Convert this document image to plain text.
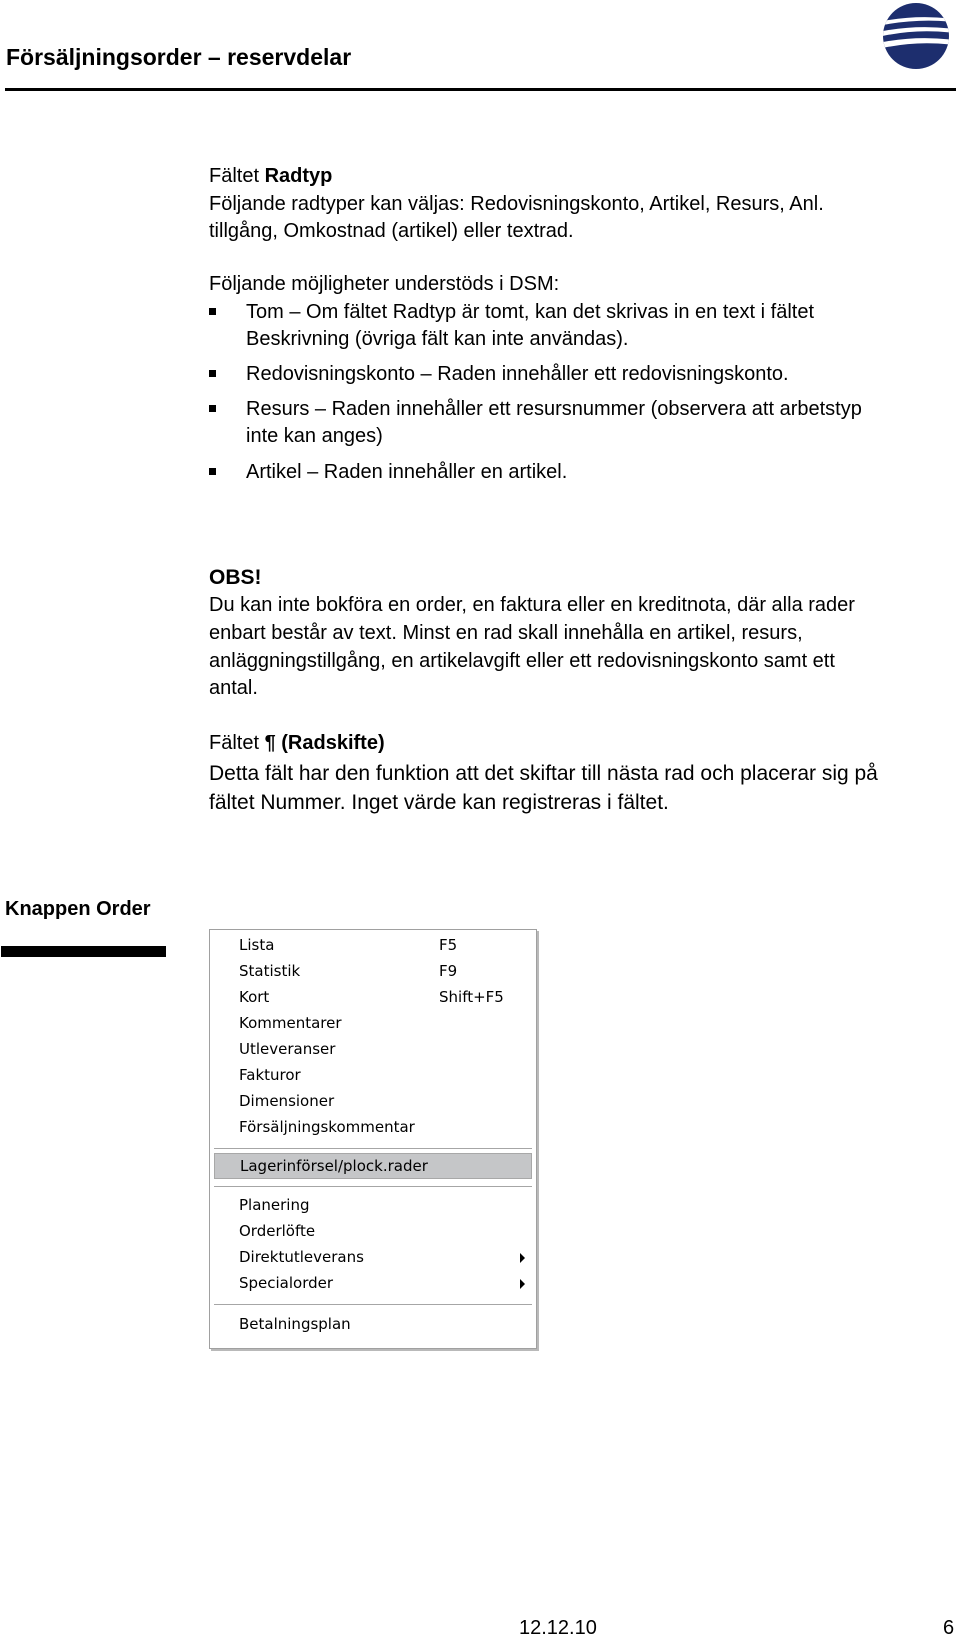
Försäljningsorder – reservdelar
Fältet Radtyp
Följande radtyper kan väljas: Redovisningskonto, Artikel, Resurs, Anl.
tillgång, Omkostnad (artikel) eller textrad.
Följande möjligheter understöds i DSM:
Tom – Om fältet Radtyp är tomt, kan det skrivas in en text i fältet
Beskrivning (övriga fält kan inte användas).
Redovisningskonto – Raden innehåller ett redovisningskonto.
Resurs – Raden innehåller ett resursnummer (observera att arbetstyp
inte kan anges)
Artikel – Raden innehåller en artikel.
OBS!
Du kan inte bokföra en order, en faktura eller en kreditnota, där alla rader
enbart består av text. Minst en rad skall innehålla en artikel, resurs,
anläggningstillgång, en artikelavgift eller ett redovisningskonto samt ett
antal.
Fältet ¶ (Radskifte)
Detta fält har den funktion att det skiftar till nästa rad och placerar sig på
fältet Nummer. Inget värde kan registreras i fältet.
Knappen Order
Lista	F5
Statistik	F9
Kort	Shift+F5
Kommentarer
Utleveranser
Fakturor
Dimensioner
Försäljningskommentar
Lagerinförsel/plock.rader
Planering
Orderlöfte
Direktutleverans
Specialorder
Betalningsplan
12.12.10	6
